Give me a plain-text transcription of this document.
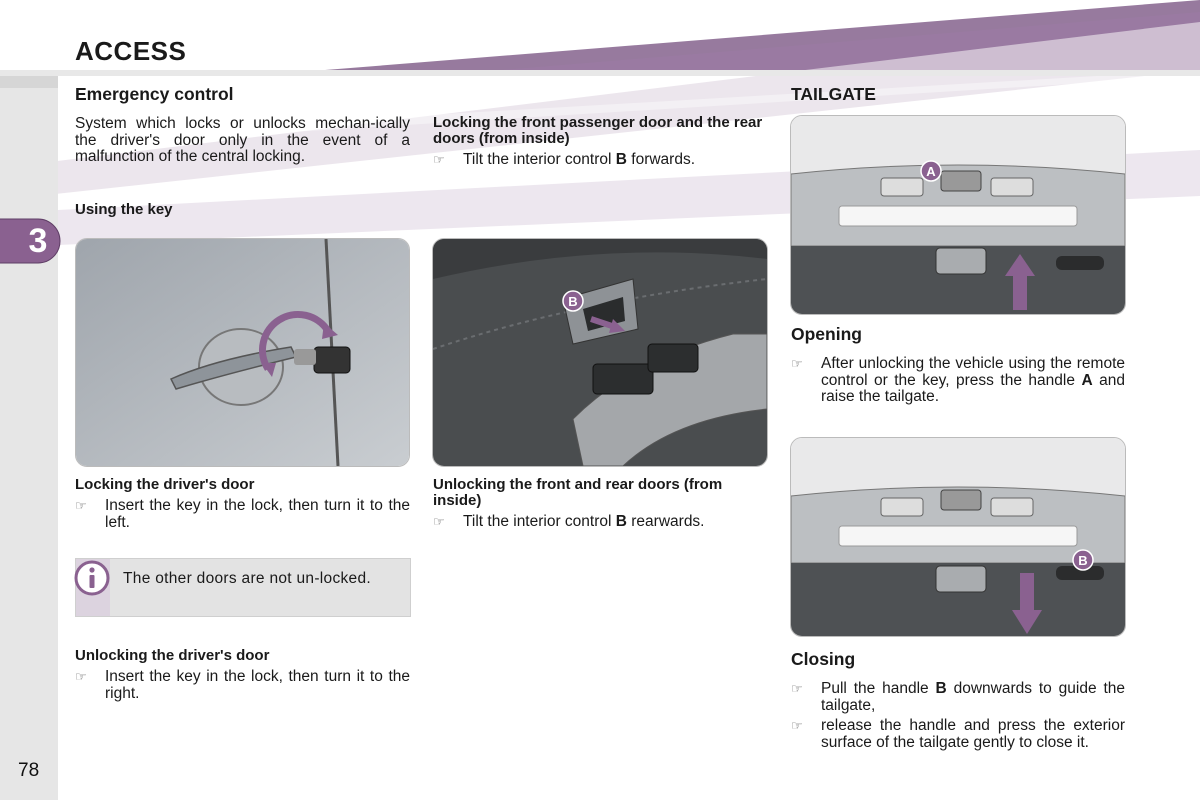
3
ACCESS
Emergency control
System which locks or unlocks mechan-ically the driver's door only in the event of a malfunction of the central locking.
Using the key
Locking the driver's door
☞ Insert the key in the lock, then turn it to the left.
The other doors are not un-locked.
Unlocking the driver's door
☞ Insert the key in the lock, then turn it to the right.
Locking the front passenger door and the rear doors (from inside)
☞ Tilt the interior control B forwards.
B
Unlocking the front and rear doors (from inside)
☞ Tilt the interior control B rearwards.
TAILGATE
A
Opening
☞ After unlocking the vehicle using the remote control or the key, press the handle A and raise the tailgate.
B
Closing
☞ Pull the handle B downwards to guide the tailgate,
☞ release the handle and press the exterior surface of the tailgate gently to close it.
78
